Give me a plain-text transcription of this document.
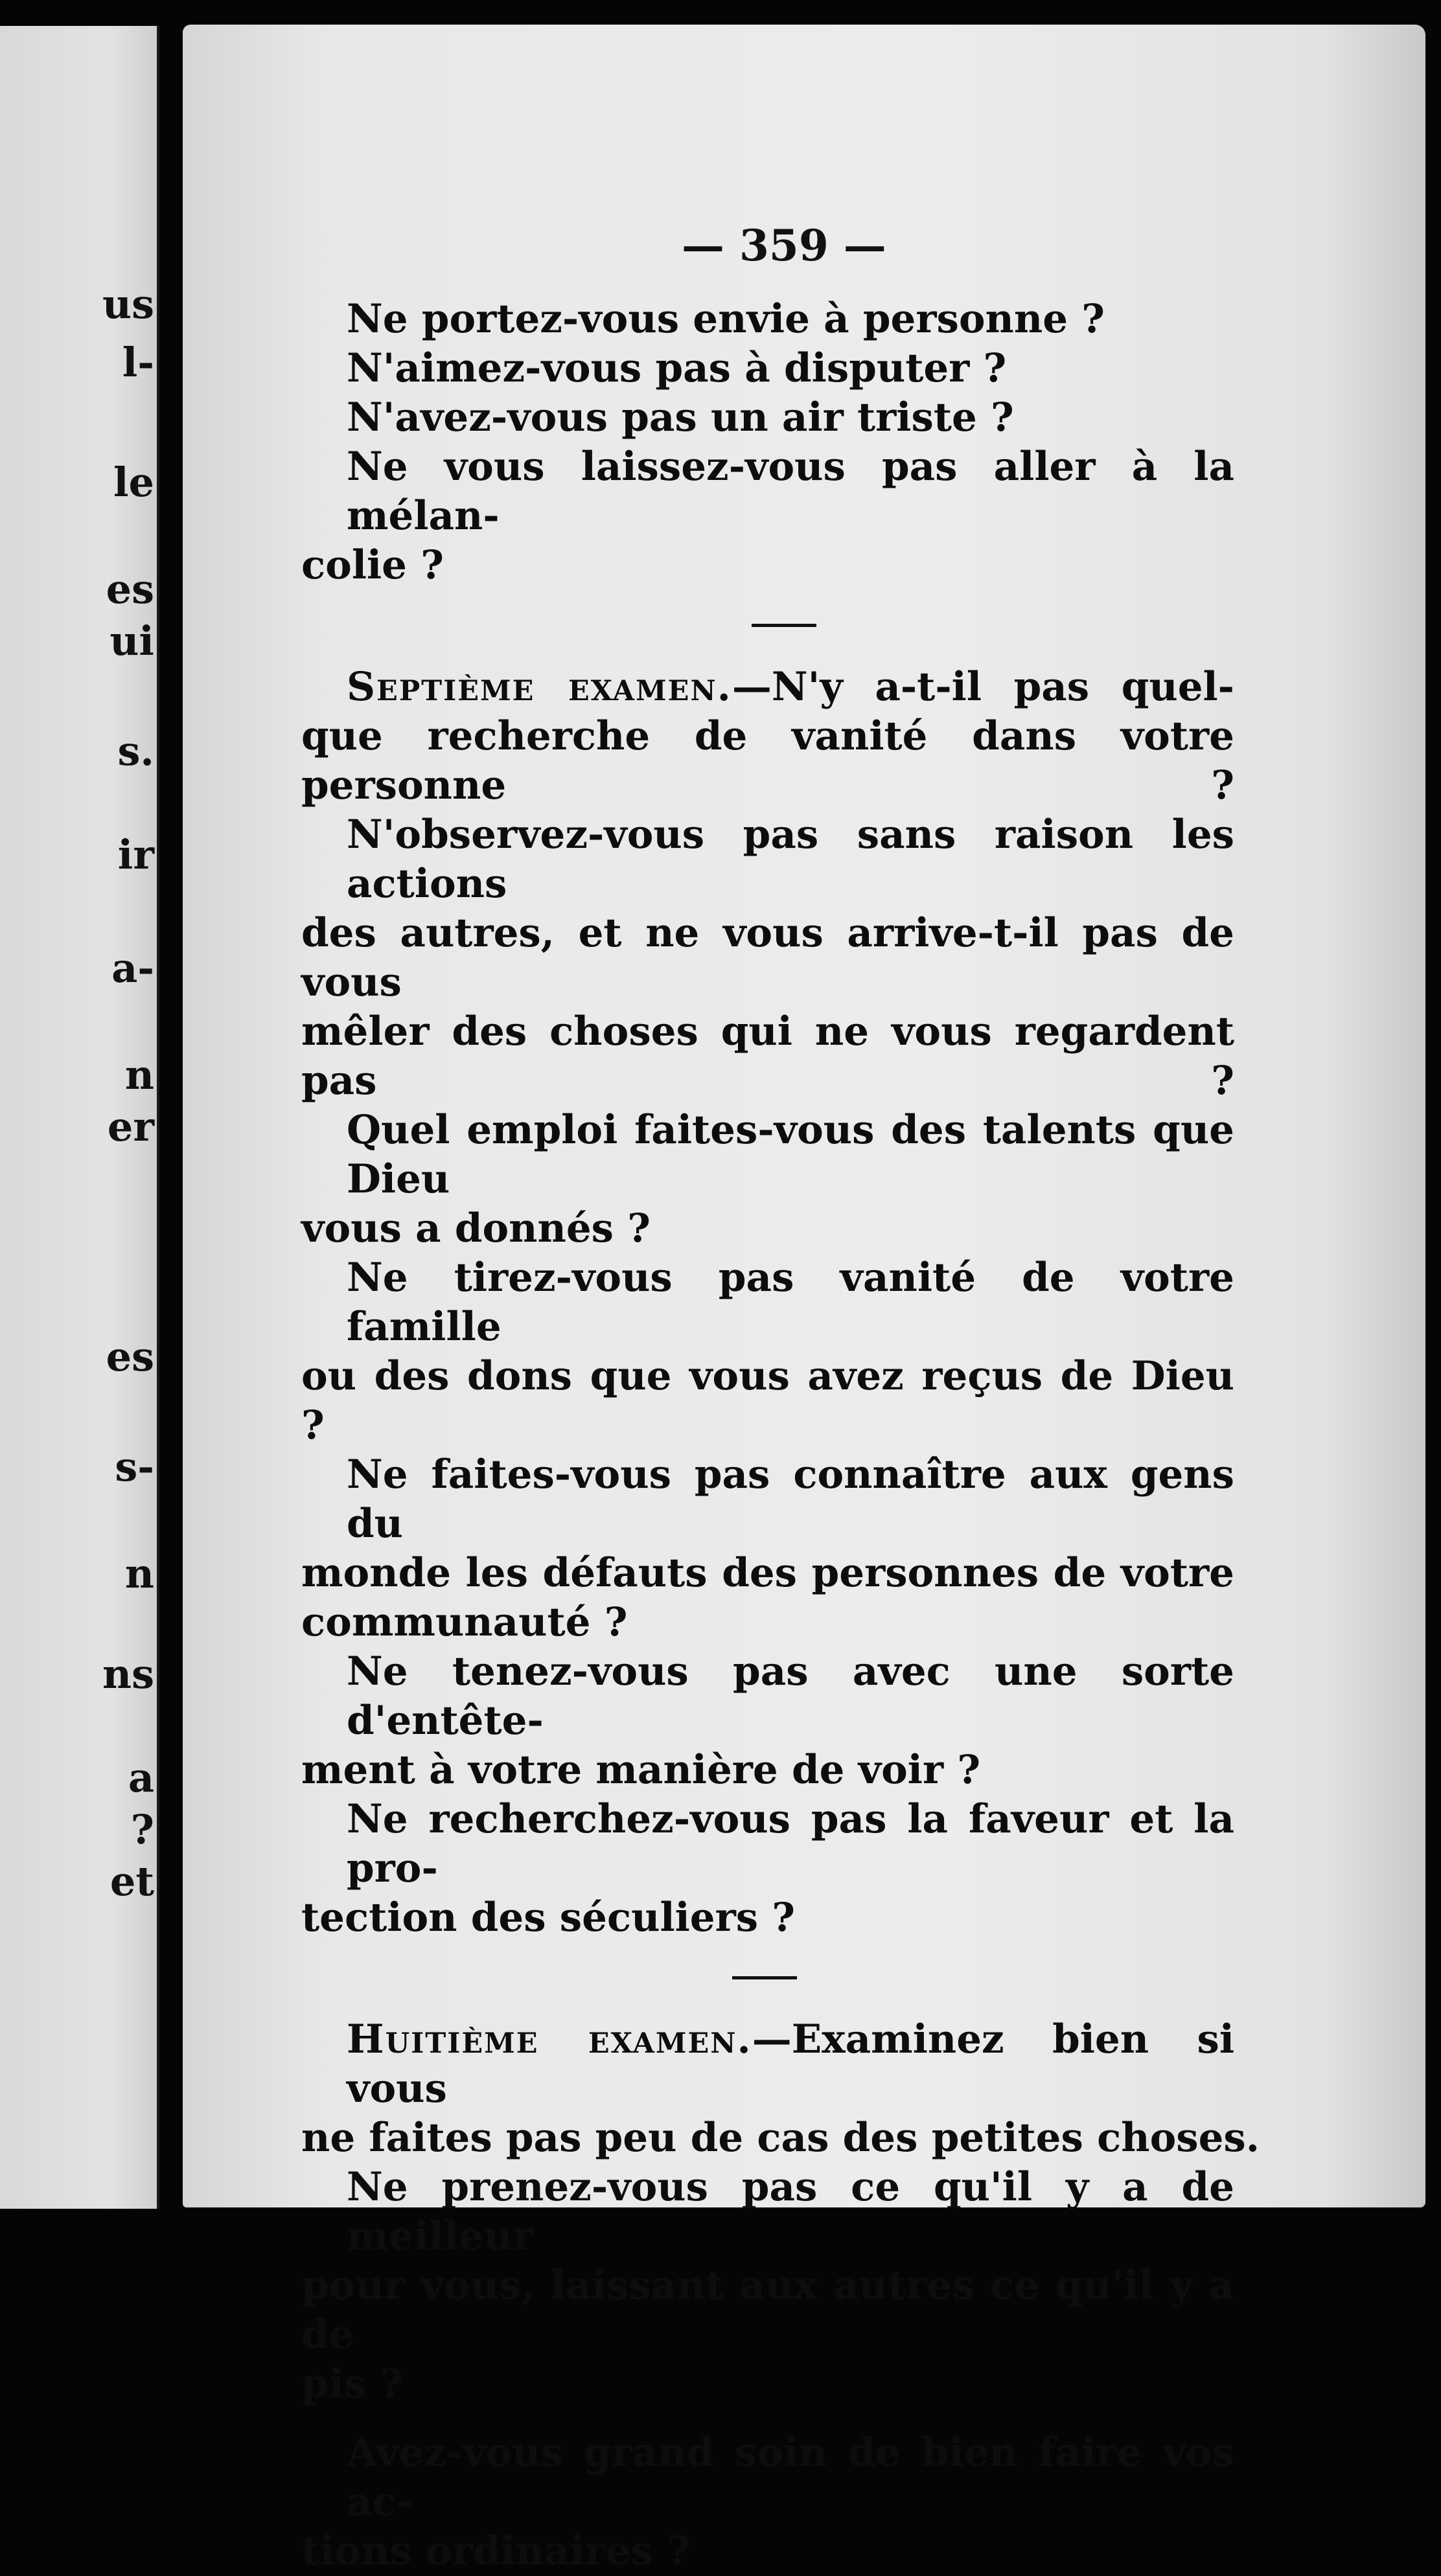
us
l-
le
es
ui
s.
ir
a-
n
er
es
s-
n
ns
a
?
et
— 359 —
Ne portez-vous envie à personne ?
N'aimez-vous pas à disputer ?
N'avez-vous pas un air triste ?
Ne vous laissez-vous pas aller à la mélan-
colie ?
Septième examen.—N'y a-t-il pas quel-
que recherche de vanité dans votre personne ?
N'observez-vous pas sans raison les actions
des autres, et ne vous arrive-t-il pas de vous
mêler des choses qui ne vous regardent pas ?
Quel emploi faites-vous des talents que Dieu
vous a donnés ?
Ne tirez-vous pas vanité de votre famille
ou des dons que vous avez reçus de Dieu ?
Ne faites-vous pas connaître aux gens du
monde les défauts des personnes de votre
communauté ?
Ne tenez-vous pas avec une sorte d'entête-
ment à votre manière de voir ?
Ne recherchez-vous pas la faveur et la pro-
tection des séculiers ?
Huitième examen.—Examinez bien si vous
ne faites pas peu de cas des petites choses.
Ne prenez-vous pas ce qu'il y a de meilleur
pour vous, laissant aux autres ce qu'il y a de
pis ?
Avez-vous grand soin de bien faire vos ac-
tions ordinaires ?
